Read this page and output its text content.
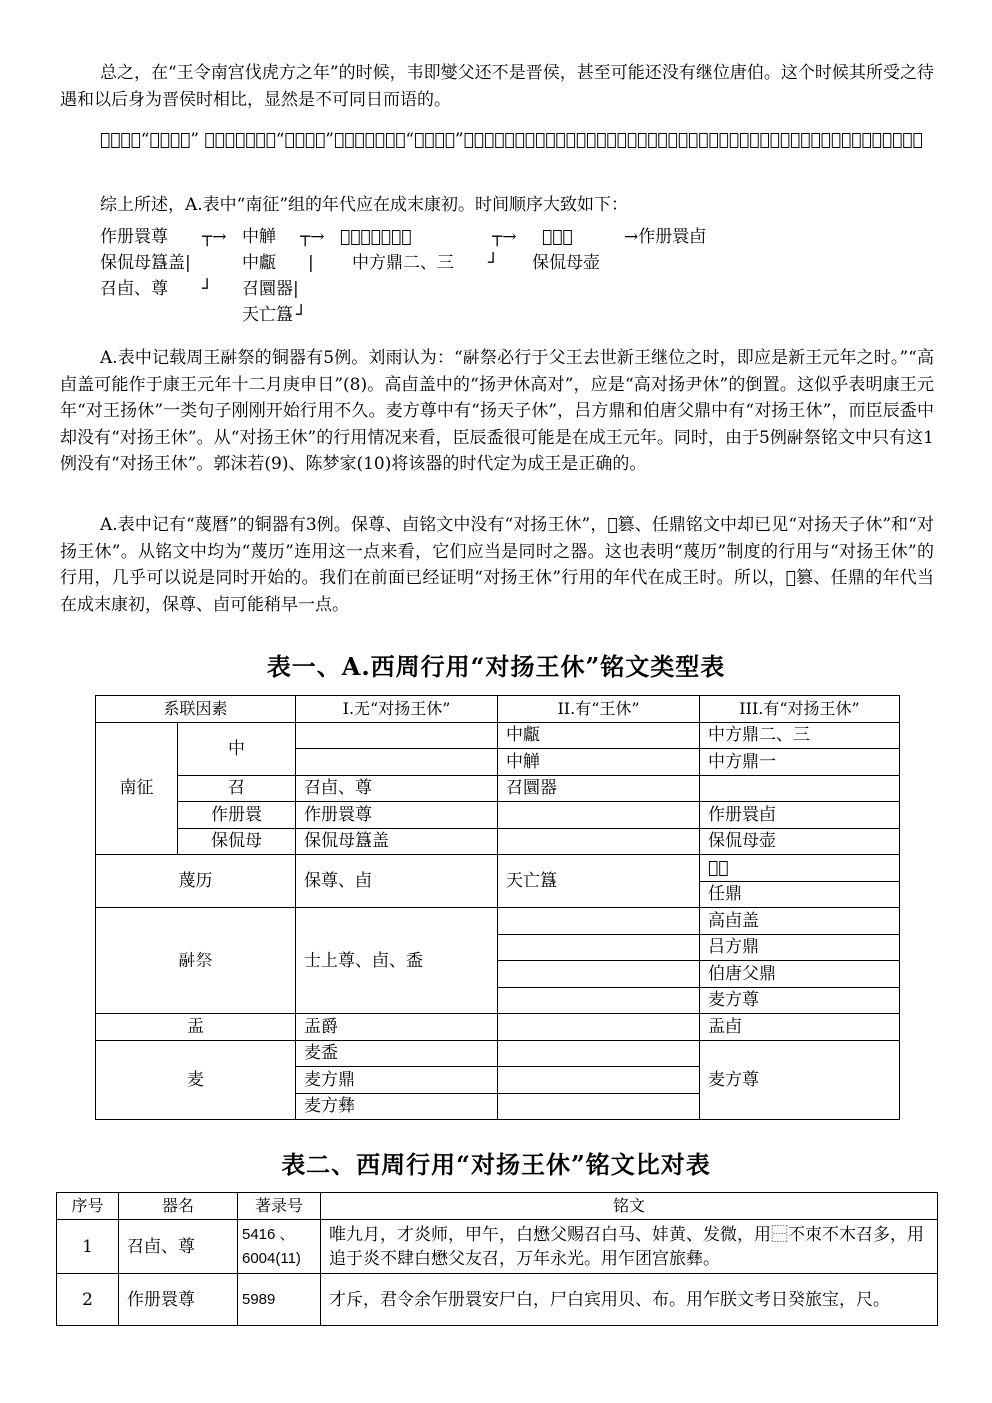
总之，在“王令南宫伐虎方之年”的时候，韦即燮父还不是晋侯，甚至可能还没有继位唐伯。这个时候其所受之待遇和以后身为晋侯时相比，显然是不可同日而语的。

𢧐甗中的“扬对王休” 和中方鼎一中的“对王休令”与作册睘卣中的“扬王姜休”稍有差别，表明此类句子这时刚刚开始行用不久。也就是说，𢧐甗、中方鼎一的年代要早于作册睘卣。

综上所述，A.表中“南征”组的年代应在成末康初。时间顺序大致如下：

作册睘尊
保侃母簋盖|
召卣、尊
┬→
┘
中觯
中甗
召圜器|
天亡簋 ┘
┬→
|
𢧐甗、中方鼎一
中方鼎二、三 ┘
┬→ 𪟽公簋
保侃母壶
→作册睘卣

A.表中记载周王𩰫祭的铜器有5例。刘雨认为：“𩰫祭必行于父王去世新王继位之时，即应是新王元年之时。”“高卣盖可能作于康王元年十二月庚申日”(8)。高卣盖中的“扬尹休高对”，应是“高对扬尹休”的倒置。这似乎表明康王元年“对王扬休”一类句子刚刚开始行用不久。麦方尊中有“扬天子休”，吕方鼎和伯唐父鼎中有“对扬王休”，而臣辰盉中却没有“对扬王休”。从“对扬王休”的行用情况来看，臣辰盉很可能是在成王元年。同时，由于5例𩰫祭铭文中只有这1例没有“对扬王休”。郭沫若(9)、陈梦家(10)将该器的时代定为成王是正确的。

A.表中记有“蔑曆”的铜器有3例。保尊、卣铭文中没有“对扬王休”，𤞷篡、任鼎铭文中却已见“对扬天子休”和“对扬王休”。从铭文中均为“蔑历”连用这一点来看，它们应当是同时之器。这也表明“蔑历”制度的行用与“对扬王休”的行用，几乎可以说是同时开始的。我们在前面已经证明“对扬王休”行用的年代在成王时。所以，𤞷篡、任鼎的年代当在成末康初，保尊、卣可能稍早一点。

表一、A.西周行用“对扬王休”铭文类型表
系联因素		I.无“对扬王休”	II.有“王休”	III.有“对扬王休”
南征	中		中甗	中方鼎二、三
			中觯	中方鼎一
	召	召卣、尊	召圜器	
	作册睘	作册睘尊		作册睘卣
	保侃母	保侃母簋盖		保侃母壶
蔑历		保尊、卣	天亡簋	𤞷簋
				任鼎
𩰫祭		士上尊、卣、盉		高卣盖
				吕方鼎
				伯唐父鼎
				麦方尊
盂		盂爵		盂卣
麦		麦盉		麦方尊
		麦方鼎		
		麦方彝		
表二、西周行用“对扬王休”铭文比对表
序号	器名	著录号	铭文
1	召卣、尊	5416 、6004(11)	唯九月，才炎师，甲午，白懋父赐召白马、妦黄、发微，用⿱不朿不⽊召多，用追于炎不肆白懋父友召，万年永光。用乍团宫旅彝。
2	作册睘尊	5989	才斥，君令余乍册睘安尸白，尸白宾用贝、布。用乍朕文考日癸旅宝，尺。
